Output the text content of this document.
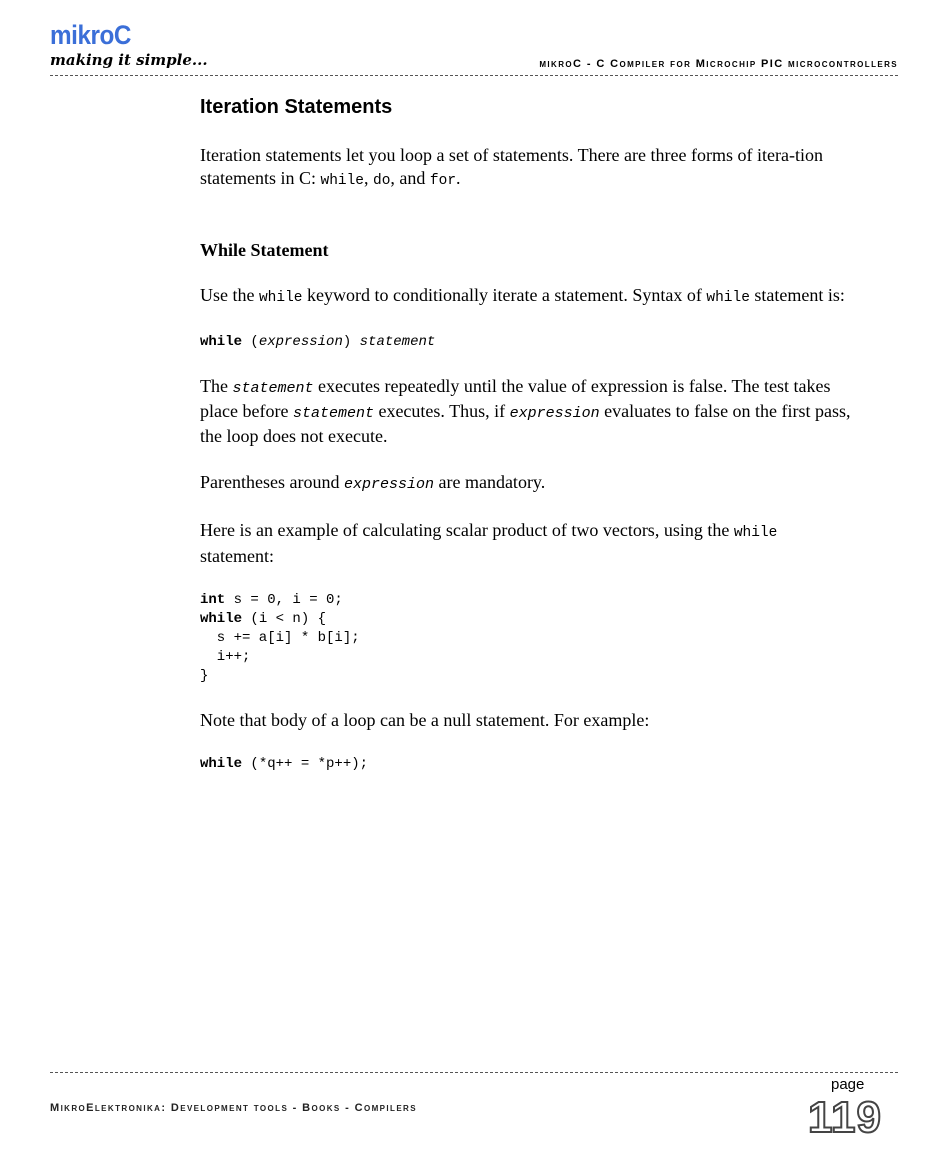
mikroC
making it simple...	mikroC - C Compiler for Microchip PIC microcontrollers
Iteration Statements

Iteration statements let you loop a set of statements. There are three forms of itera-tion statements in C: while, do, and for.

While Statement

Use the while keyword to conditionally iterate a statement. Syntax of while statement is:

while (expression) statement

The statement executes repeatedly until the value of expression is false. The test takes place before statement executes. Thus, if expression evaluates to false on the first pass, the loop does not execute.

Parentheses around expression are mandatory.

Here is an example of calculating scalar product of two vectors, using the while statement:

int s = 0, i = 0;
while (i < n) {
s += a[i] * b[i];
i++;
}

Note that body of a loop can be a null statement. For example:

while (*q++ = *p++);
MikroElektronika: Development tools - Books - Compilers
page
119
